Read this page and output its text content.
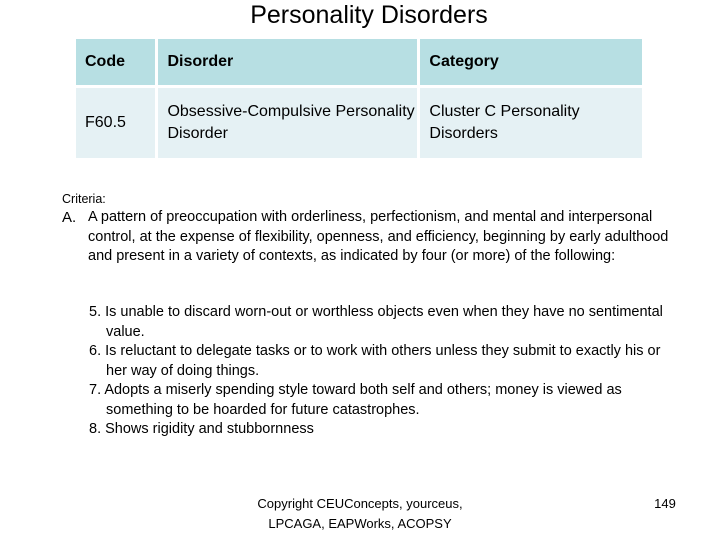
Personality Disorders
Code	Disorder	Category

F60.5	Obsessive-Compulsive Personality Disorder	Cluster C Personality Disorders
Criteria:
A. A pattern of preoccupation with orderliness, perfectionism, and mental and interpersonal control, at the expense of flexibility, openness, and efficiency, beginning by early adulthood and present in a variety of contexts, as indicated by four (or more) of the following:
5. Is unable to discard worn-out or worthless objects even when they have no sentimental value.
6. Is reluctant to delegate tasks or to work with others unless they submit to exactly his or her way of doing things.
7. Adopts a miserly spending style toward both self and others; money is viewed as something to be hoarded for future catastrophes.
8. Shows rigidity and stubbornness
Copyright CEUConcepts, yourceus, LPCAGA, EAPWorks, ACOPSY
149
